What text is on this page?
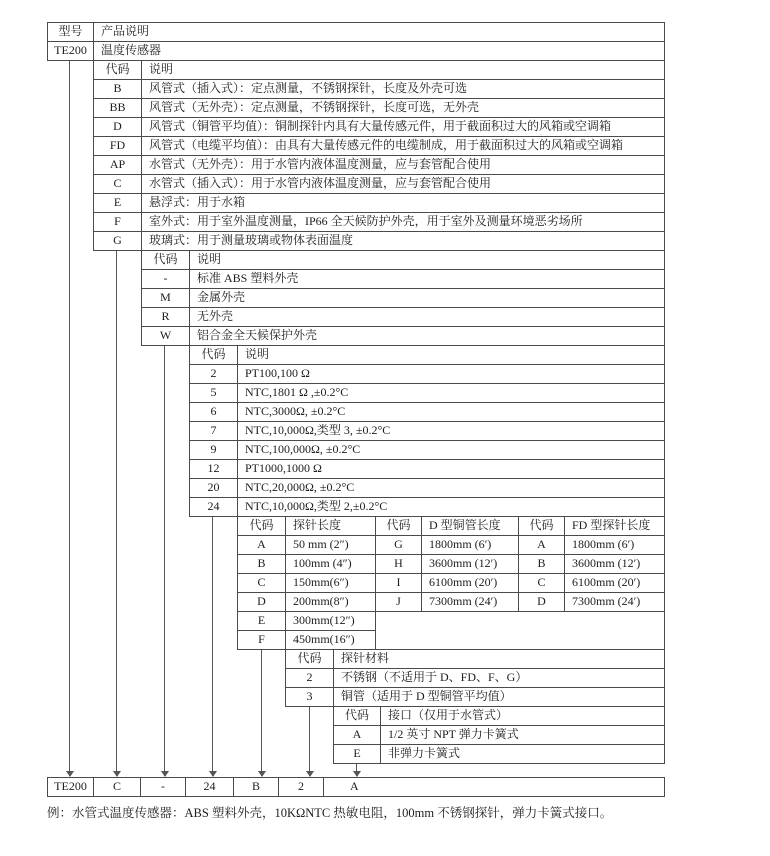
型号	产品说明
TE200	温度传感器
代码	说明
B	风管式（插入式）：定点测量，不锈钢探针，长度及外壳可选
BB	风管式（无外壳）：定点测量，不锈钢探针，长度可选，无外壳
D	风管式（铜管平均值）：铜制探针内具有大量传感元件，用于截面积过大的风箱或空调箱
FD	风管式（电缆平均值）：由具有大量传感元件的电缆制成，用于截面积过大的风箱或空调箱
AP	水管式（无外壳）：用于水管内液体温度测量，应与套管配合使用
C	水管式（插入式）：用于水管内液体温度测量，应与套管配合使用
E	悬浮式：用于水箱
F	室外式：用于室外温度测量，IP66 全天候防护外壳，用于室外及测量环境恶劣场所
G	玻璃式：用于测量玻璃或物体表面温度
代码	说明
-	标准 ABS 塑料外壳
M	金属外壳
R	无外壳
W	铝合金全天候保护外壳
代码	说明
2	PT100,100 Ω
5	NTC,1801 Ω ,±0.2°C
6	NTC,3000Ω, ±0.2°C
7	NTC,10,000Ω,类型 3, ±0.2°C
9	NTC,100,000Ω, ±0.2°C
12	PT1000,1000 Ω
20	NTC,20,000Ω, ±0.2°C
24	NTC,10,000Ω,类型 2,±0.2°C
代码	探针长度	代码	D 型铜管长度	代码	FD 型探针长度
A	50 mm (2″)	G	1800mm (6′)	A	1800mm (6′)
B	100mm (4″)	H	3600mm (12′)	B	3600mm (12′)
C	150mm(6″)	I	6100mm (20′)	C	6100mm (20′)
D	200mm(8″)	J	7300mm (24′)	D	7300mm (24′)
E	300mm(12″)				
F	450mm(16″)				
代码	探针材料
2	不锈钢（不适用于 D、FD、F、G）
3	铜管（适用于 D 型铜管平均值）
代码	接口（仅用于水管式）
A	1/2 英寸 NPT 弹力卡簧式
E	非弹力卡簧式
TE200	C	-	24	B	2	A
例：水管式温度传感器：ABS 塑料外壳，10KΩNTC 热敏电阻，100mm 不锈钢探针，弹力卡簧式接口。
